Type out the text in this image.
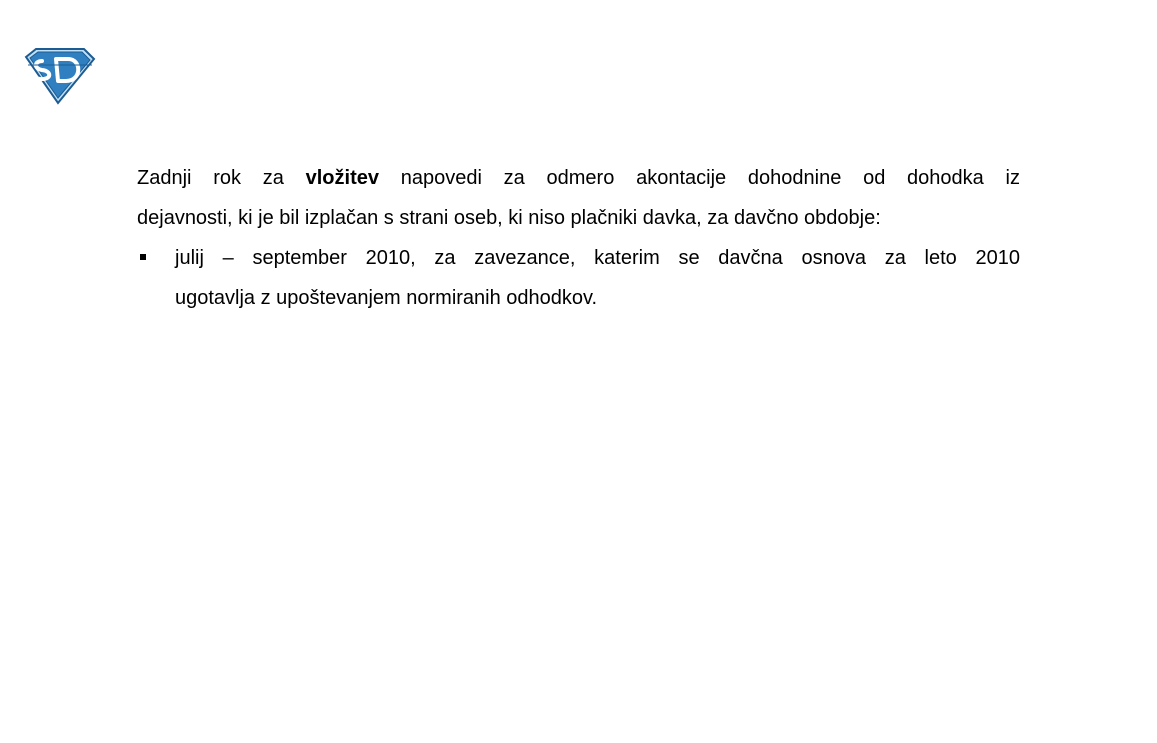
Zadnji rok za vložitev napovedi za odmero akontacije dohodnine od dohodka iz
dejavnosti, ki je bil izplačan s strani oseb, ki niso plačniki davka, za davčno obdobje:

julij – september 2010, za zavezance, katerim se davčna osnova za leto 2010
ugotavlja z upoštevanjem normiranih odhodkov.
